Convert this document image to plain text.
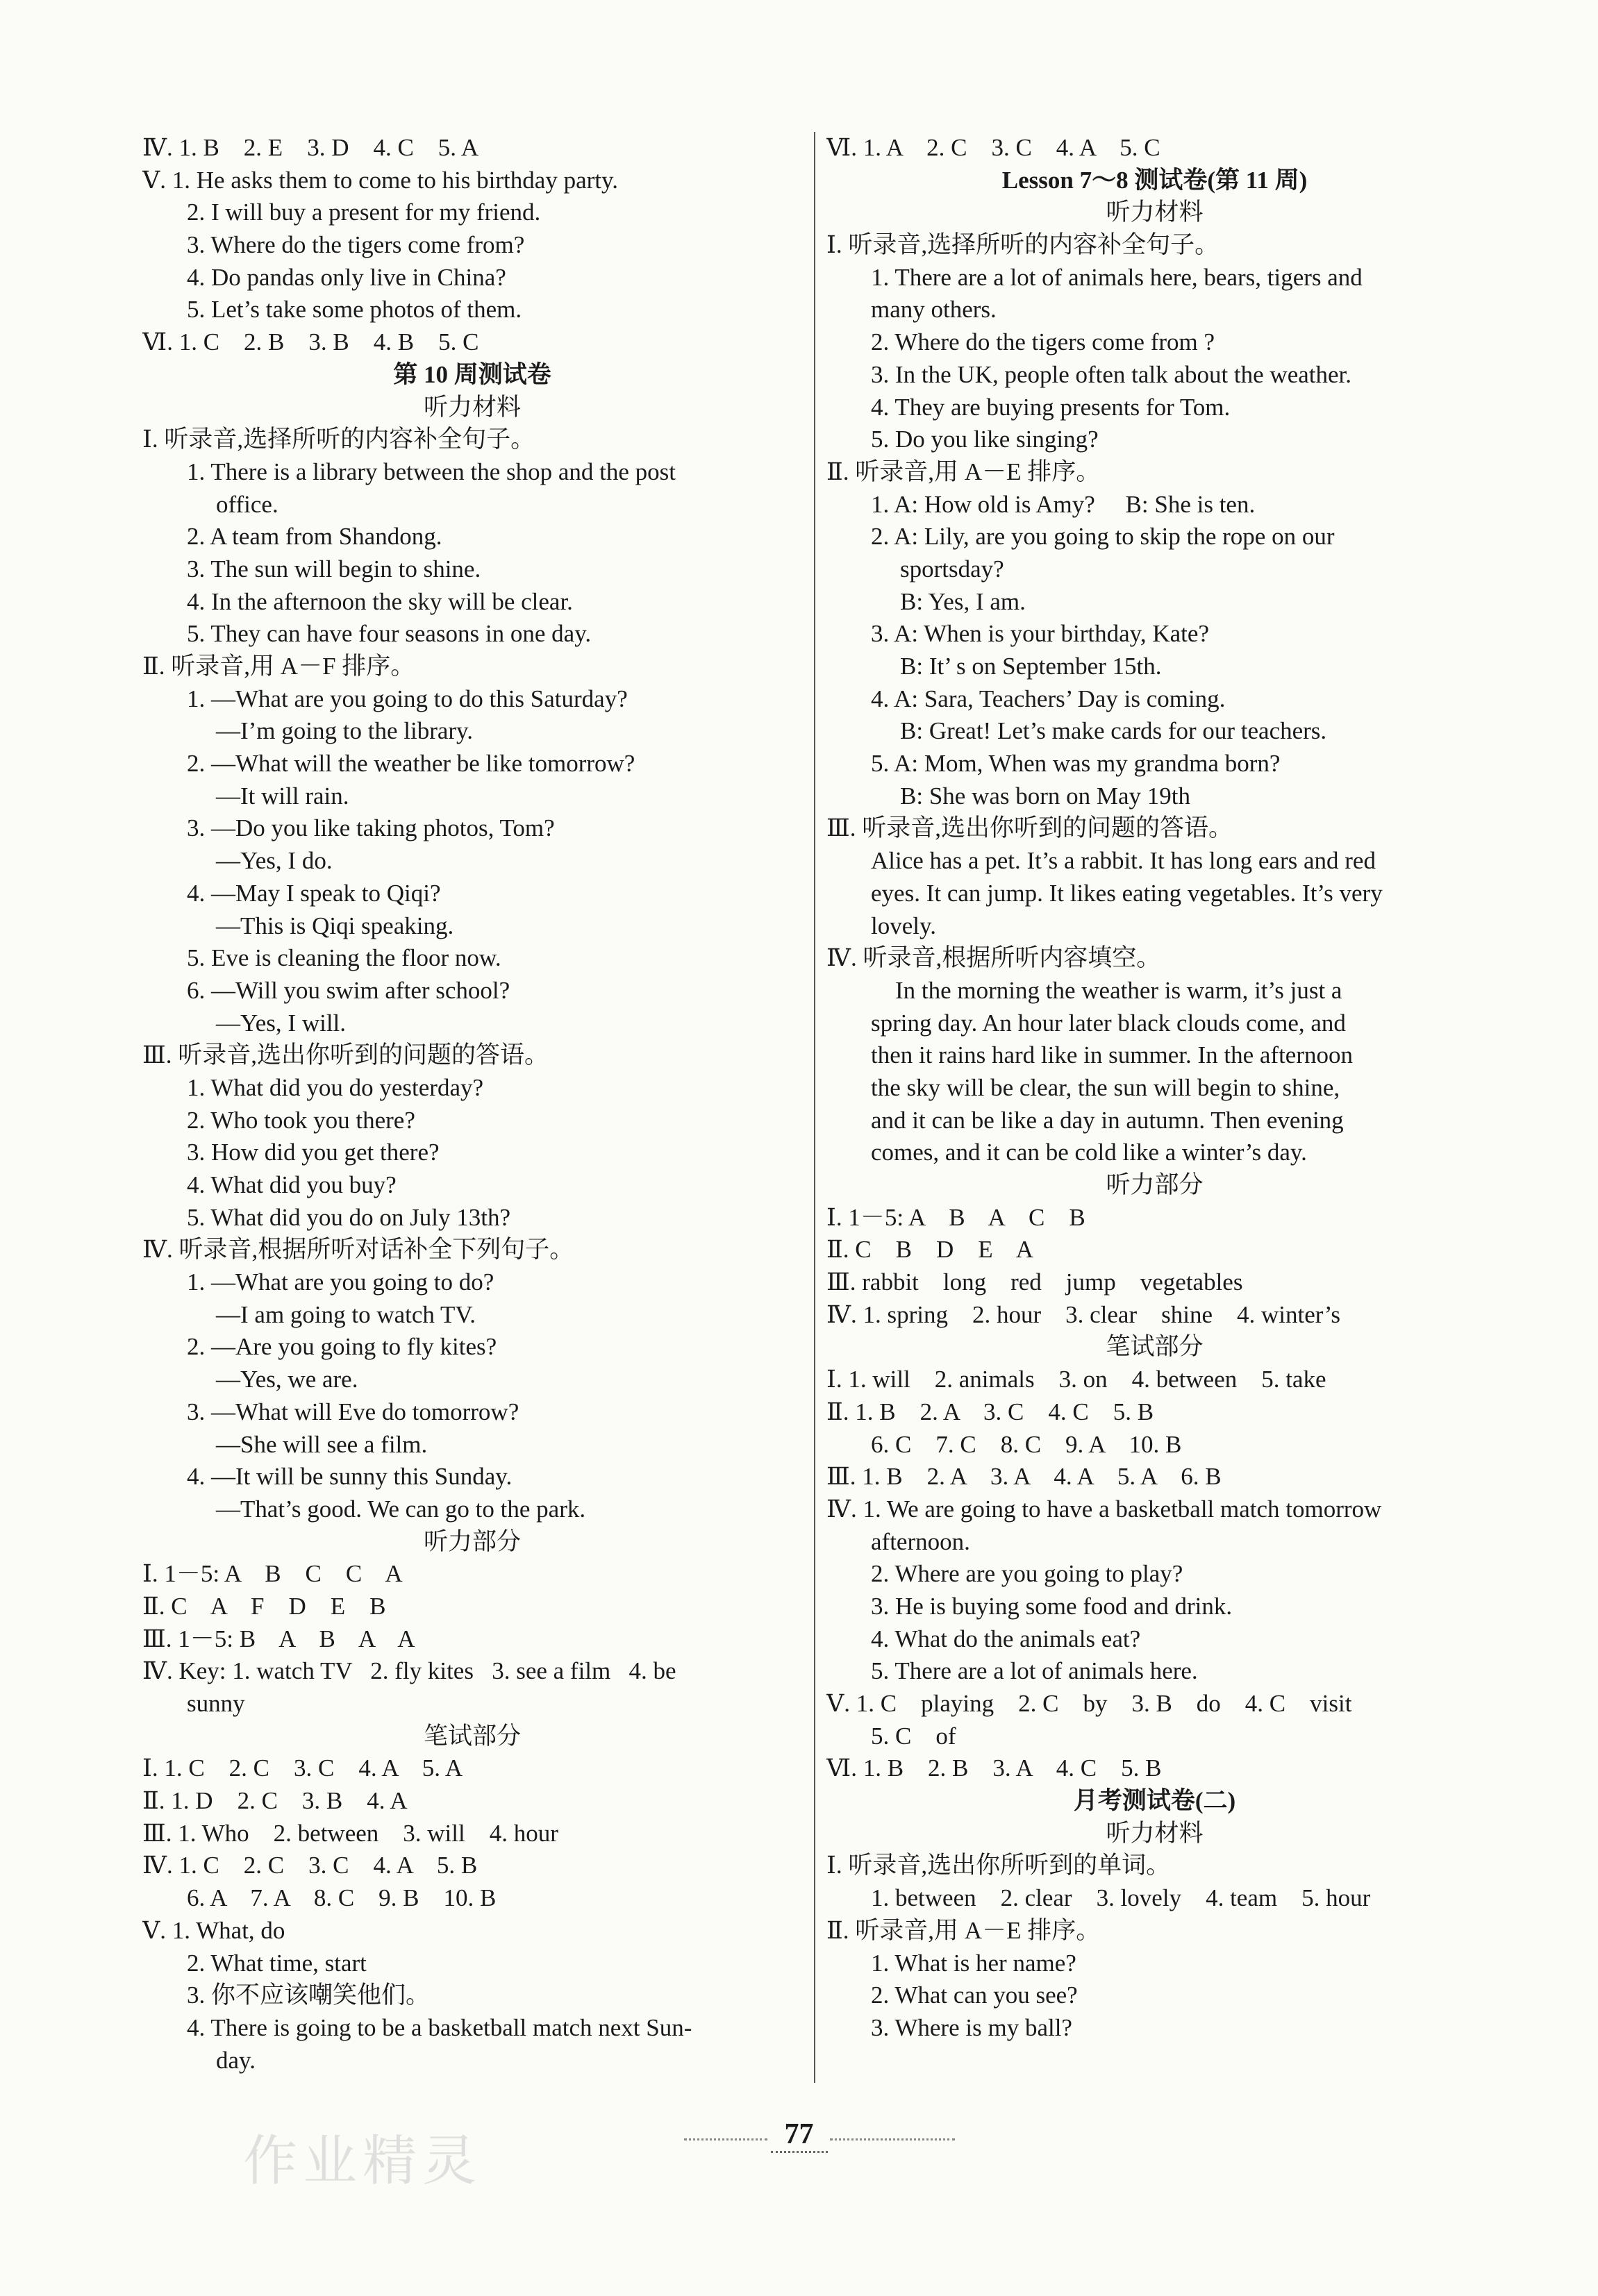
Ⅳ. 1. B    2. E    3. D    4. C    5. A
Ⅴ. 1. He asks them to come to his birthday party.
2. I will buy a present for my friend.
3. Where do the tigers come from?
4. Do pandas only live in China?
5. Let’s take some photos of them.
Ⅵ. 1. C    2. B    3. B    4. B    5. C
第 10 周测试卷
听力材料
Ⅰ. 听录音,选择所听的内容补全句子。
1. There is a library between the shop and the post
office.
2. A team from Shandong.
3. The sun will begin to shine.
4. In the afternoon the sky will be clear.
5. They can have four seasons in one day.
Ⅱ. 听录音,用 A－F 排序。
1. —What are you going to do this Saturday?
—I’m going to the library.
2. —What will the weather be like tomorrow?
—It will rain.
3. —Do you like taking photos, Tom?
—Yes, I do.
4. —May I speak to Qiqi?
—This is Qiqi speaking.
5. Eve is cleaning the floor now.
6. —Will you swim after school?
—Yes, I will.
Ⅲ. 听录音,选出你听到的问题的答语。
1. What did you do yesterday?
2. Who took you there?
3. How did you get there?
4. What did you buy?
5. What did you do on July 13th?
Ⅳ. 听录音,根据所听对话补全下列句子。
1. —What are you going to do?
—I am going to watch TV.
2. —Are you going to fly kites?
—Yes, we are.
3. —What will Eve do tomorrow?
—She will see a film.
4. —It will be sunny this Sunday.
—That’s good. We can go to the park.
听力部分
Ⅰ. 1－5: A    B    C    C    A
Ⅱ. C    A    F    D    E    B
Ⅲ. 1－5: B    A    B    A    A
Ⅳ. Key: 1. watch TV   2. fly kites   3. see a film   4. be
sunny
笔试部分
Ⅰ. 1. C    2. C    3. C    4. A    5. A
Ⅱ. 1. D    2. C    3. B    4. A
Ⅲ. 1. Who    2. between    3. will    4. hour
Ⅳ. 1. C    2. C    3. C    4. A    5. B
6. A    7. A    8. C    9. B    10. B
Ⅴ. 1. What, do
2. What time, start
3. 你不应该嘲笑他们。
4. There is going to be a basketball match next Sun-
day.
Ⅵ. 1. A    2. C    3. C    4. A    5. C
Lesson 7～8 测试卷(第 11 周)
听力材料
Ⅰ. 听录音,选择所听的内容补全句子。
1. There are a lot of animals here, bears, tigers and
many others.
2. Where do the tigers come from ?
3. In the UK, people often talk about the weather.
4. They are buying presents for Tom.
5. Do you like singing?
Ⅱ. 听录音,用 A－E 排序。
1. A: How old is Amy?     B: She is ten.
2. A: Lily, are you going to skip the rope on our
sportsday?
B: Yes, I am.
3. A: When is your birthday, Kate?
B: It’ s on September 15th.
4. A: Sara, Teachers’ Day is coming.
B: Great! Let’s make cards for our teachers.
5. A: Mom, When was my grandma born?
B: She was born on May 19th
Ⅲ. 听录音,选出你听到的问题的答语。
Alice has a pet. It’s a rabbit. It has long ears and red
eyes. It can jump. It likes eating vegetables. It’s very
lovely.
Ⅳ. 听录音,根据所听内容填空。
In the morning the weather is warm, it’s just a
spring day. An hour later black clouds come, and
then it rains hard like in summer. In the afternoon
the sky will be clear, the sun will begin to shine,
and it can be like a day in autumn. Then evening
comes, and it can be cold like a winter’s day.
听力部分
Ⅰ. 1－5: A    B    A    C    B
Ⅱ. C    B    D    E    A
Ⅲ. rabbit    long    red    jump    vegetables
Ⅳ. 1. spring    2. hour    3. clear    shine    4. winter’s
笔试部分
Ⅰ. 1. will    2. animals    3. on    4. between    5. take
Ⅱ. 1. B    2. A    3. C    4. C    5. B
6. C    7. C    8. C    9. A    10. B
Ⅲ. 1. B    2. A    3. A    4. A    5. A    6. B
Ⅳ. 1. We are going to have a basketball match tomorrow
afternoon.
2. Where are you going to play?
3. He is buying some food and drink.
4. What do the animals eat?
5. There are a lot of animals here.
Ⅴ. 1. C    playing    2. C    by    3. B    do    4. C    visit
5. C    of
Ⅵ. 1. B    2. B    3. A    4. C    5. B
月考测试卷(二)
听力材料
Ⅰ. 听录音,选出你所听到的单词。
1. between    2. clear    3. lovely    4. team    5. hour
Ⅱ. 听录音,用 A－E 排序。
1. What is her name?
2. What can you see?
3. Where is my ball?
77
作业精灵
